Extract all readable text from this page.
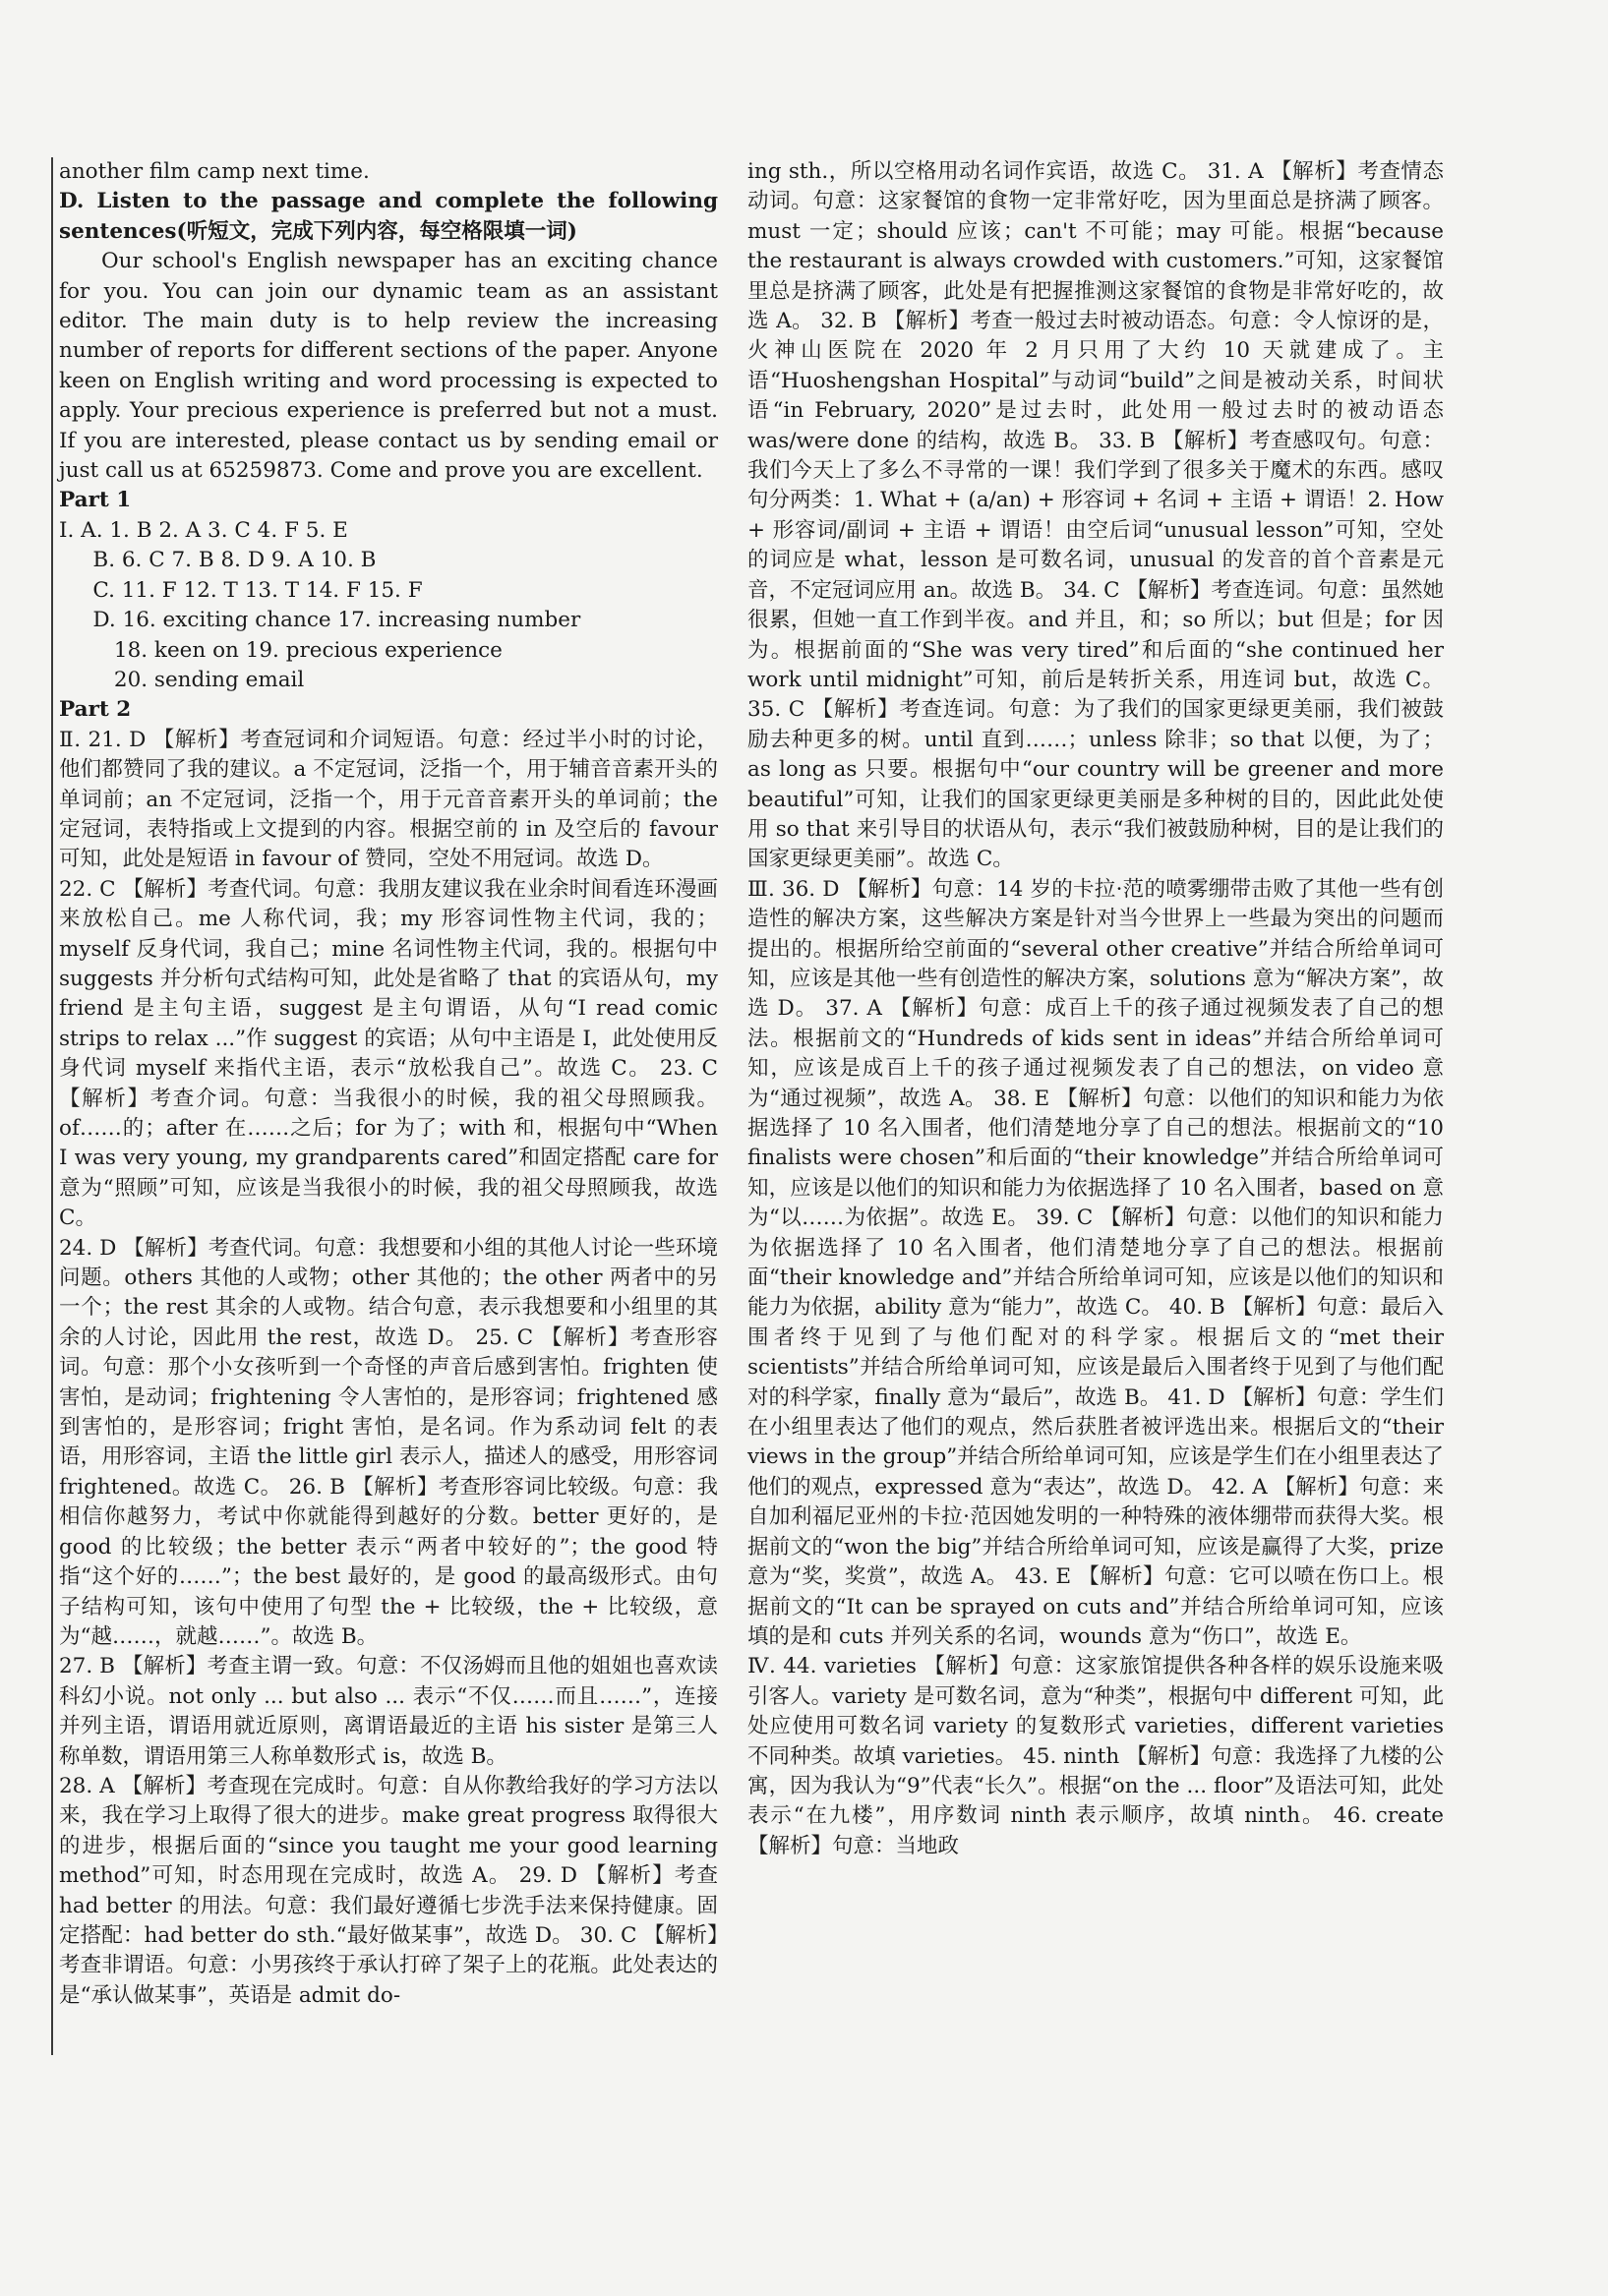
another film camp next time.

D. Listen to the passage and complete the following sentences(听短文，完成下列内容，每空格限填一词)

Our school's English newspaper has an exciting chance for you. You can join our dynamic team as an assistant editor. The main duty is to help review the increasing number of reports for different sections of the paper. Anyone keen on English writing and word processing is expected to apply. Your precious experience is preferred but not a must. If you are interested, please contact us by sending email or just call us at 65259873. Come and prove you are excellent.

Part 1

Ⅰ. A. 1. B 2. A 3. C 4. F 5. E

B. 6. C 7. B 8. D 9. A 10. B

C. 11. F 12. T 13. T 14. F 15. F

D. 16. exciting chance 17. increasing number

18. keen on 19. precious experience

20. sending email

Part 2

Ⅱ. 21. D 【解析】考查冠词和介词短语。句意：经过半小时的讨论，他们都赞同了我的建议。a 不定冠词，泛指一个，用于辅音音素开头的单词前；an 不定冠词，泛指一个，用于元音音素开头的单词前；the 定冠词，表特指或上文提到的内容。根据空前的 in 及空后的 favour 可知，此处是短语 in favour of 赞同，空处不用冠词。故选 D。

22. C 【解析】考查代词。句意：我朋友建议我在业余时间看连环漫画来放松自己。me 人称代词，我；my 形容词性物主代词，我的；myself 反身代词，我自己；mine 名词性物主代词，我的。根据句中 suggests 并分析句式结构可知，此处是省略了 that 的宾语从句，my friend 是主句主语，suggest 是主句谓语，从句“I read comic strips to relax ...”作 suggest 的宾语；从句中主语是 I，此处使用反身代词 myself 来指代主语，表示“放松我自己”。故选 C。 23. C 【解析】考查介词。句意：当我很小的时候，我的祖父母照顾我。of……的；after 在……之后；for 为了；with 和，根据句中“When I was very young, my grandparents cared”和固定搭配 care for 意为“照顾”可知，应该是当我很小的时候，我的祖父母照顾我，故选 C。

24. D 【解析】考查代词。句意：我想要和小组的其他人讨论一些环境问题。others 其他的人或物；other 其他的；the other 两者中的另一个；the rest 其余的人或物。结合句意，表示我想要和小组里的其余的人讨论，因此用 the rest，故选 D。 25. C 【解析】考查形容词。句意：那个小女孩听到一个奇怪的声音后感到害怕。frighten 使害怕，是动词；frightening 令人害怕的，是形容词；frightened 感到害怕的，是形容词；fright 害怕，是名词。作为系动词 felt 的表语，用形容词，主语 the little girl 表示人，描述人的感受，用形容词 frightened。故选 C。 26. B 【解析】考查形容词比较级。句意：我相信你越努力，考试中你就能得到越好的分数。better 更好的，是 good 的比较级；the better 表示“两者中较好的”；the good 特指“这个好的……”；the best 最好的，是 good 的最高级形式。由句子结构可知，该句中使用了句型 the + 比较级，the + 比较级，意为“越……，就越……”。故选 B。

27. B 【解析】考查主谓一致。句意：不仅汤姆而且他的姐姐也喜欢读科幻小说。not only ... but also ... 表示“不仅……而且……”，连接并列主语，谓语用就近原则，离谓语最近的主语 his sister 是第三人称单数，谓语用第三人称单数形式 is，故选 B。

28. A 【解析】考查现在完成时。句意：自从你教给我好的学习方法以来，我在学习上取得了很大的进步。make great progress 取得很大的进步，根据后面的“since you taught me your good learning method”可知，时态用现在完成时，故选 A。 29. D 【解析】考查 had better 的用法。句意：我们最好遵循七步洗手法来保持健康。固定搭配：had better do sth.“最好做某事”，故选 D。 30. C 【解析】考查非谓语。句意：小男孩终于承认打碎了架子上的花瓶。此处表达的是“承认做某事”，英语是 admit do-

ing sth.，所以空格用动名词作宾语，故选 C。 31. A 【解析】考查情态动词。句意：这家餐馆的食物一定非常好吃，因为里面总是挤满了顾客。must 一定；should 应该；can't 不可能；may 可能。根据“because the restaurant is always crowded with customers.”可知，这家餐馆里总是挤满了顾客，此处是有把握推测这家餐馆的食物是非常好吃的，故选 A。 32. B 【解析】考查一般过去时被动语态。句意：令人惊讶的是，火神山医院在 2020 年 2 月只用了大约 10 天就建成了。主语“Huoshengshan Hospital”与动词“build”之间是被动关系，时间状语“in February, 2020”是过去时，此处用一般过去时的被动语态 was/were done 的结构，故选 B。 33. B 【解析】考查感叹句。句意：我们今天上了多么不寻常的一课！我们学到了很多关于魔术的东西。感叹句分两类：1. What + (a/an) + 形容词 + 名词 + 主语 + 谓语！2. How + 形容词/副词 + 主语 + 谓语！由空后词“unusual lesson”可知，空处的词应是 what，lesson 是可数名词，unusual 的发音的首个音素是元音，不定冠词应用 an。故选 B。 34. C 【解析】考查连词。句意：虽然她很累，但她一直工作到半夜。and 并且，和；so 所以；but 但是；for 因为。根据前面的“She was very tired”和后面的“she continued her work until midnight”可知，前后是转折关系，用连词 but，故选 C。 35. C 【解析】考查连词。句意：为了我们的国家更绿更美丽，我们被鼓励去种更多的树。until 直到……；unless 除非；so that 以便，为了；as long as 只要。根据句中“our country will be greener and more beautiful”可知，让我们的国家更绿更美丽是多种树的目的，因此此处使用 so that 来引导目的状语从句，表示“我们被鼓励种树，目的是让我们的国家更绿更美丽”。故选 C。

Ⅲ. 36. D 【解析】句意：14 岁的卡拉·范的喷雾绷带击败了其他一些有创造性的解决方案，这些解决方案是针对当今世界上一些最为突出的问题而提出的。根据所给空前面的“several other creative”并结合所给单词可知，应该是其他一些有创造性的解决方案，solutions 意为“解决方案”，故选 D。 37. A 【解析】句意：成百上千的孩子通过视频发表了自己的想法。根据前文的“Hundreds of kids sent in ideas”并结合所给单词可知，应该是成百上千的孩子通过视频发表了自己的想法，on video 意为“通过视频”，故选 A。 38. E 【解析】句意：以他们的知识和能力为依据选择了 10 名入围者，他们清楚地分享了自己的想法。根据前文的“10 finalists were chosen”和后面的“their knowledge”并结合所给单词可知，应该是以他们的知识和能力为依据选择了 10 名入围者，based on 意为“以……为依据”。故选 E。 39. C 【解析】句意：以他们的知识和能力为依据选择了 10 名入围者，他们清楚地分享了自己的想法。根据前面“their knowledge and”并结合所给单词可知，应该是以他们的知识和能力为依据，ability 意为“能力”，故选 C。 40. B 【解析】句意：最后入围者终于见到了与他们配对的科学家。根据后文的“met their scientists”并结合所给单词可知，应该是最后入围者终于见到了与他们配对的科学家，finally 意为“最后”，故选 B。 41. D 【解析】句意：学生们在小组里表达了他们的观点，然后获胜者被评选出来。根据后文的“their views in the group”并结合所给单词可知，应该是学生们在小组里表达了他们的观点，expressed 意为“表达”，故选 D。 42. A 【解析】句意：来自加利福尼亚州的卡拉·范因她发明的一种特殊的液体绷带而获得大奖。根据前文的“won the big”并结合所给单词可知，应该是赢得了大奖，prize 意为“奖，奖赏”，故选 A。 43. E 【解析】句意：它可以喷在伤口上。根据前文的“It can be sprayed on cuts and”并结合所给单词可知，应该填的是和 cuts 并列关系的名词，wounds 意为“伤口”，故选 E。

Ⅳ. 44. varieties 【解析】句意：这家旅馆提供各种各样的娱乐设施来吸引客人。variety 是可数名词，意为“种类”，根据句中 different 可知，此处应使用可数名词 variety 的复数形式 varieties，different varieties 不同种类。故填 varieties。 45. ninth 【解析】句意：我选择了九楼的公寓，因为我认为“9”代表“长久”。根据“on the ... floor”及语法可知，此处表示“在九楼”，用序数词 ninth 表示顺序，故填 ninth。 46. create 【解析】句意：当地政
